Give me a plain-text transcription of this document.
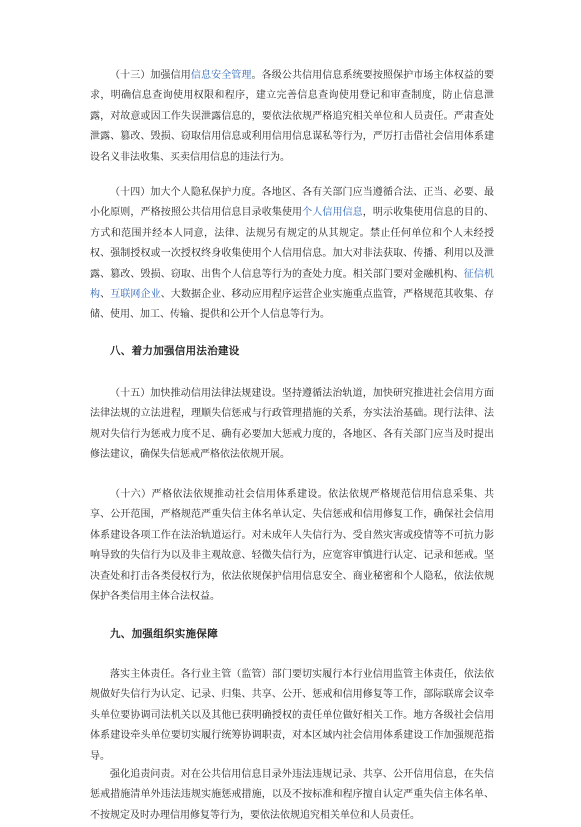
（十三）加强信用信息安全管理。各级公共信用信息系统要按照保护市场主体权益的要求，明确信息查询使用权限和程序，建立完善信息查询使用登记和审查制度，防止信息泄露，对故意或因工作失误泄露信息的，要依法依规严格追究相关单位和人员责任。严肃查处泄露、篡改、毁损、窃取信用信息或利用信用信息谋私等行为，严厉打击借社会信用体系建设名义非法收集、买卖信用信息的违法行为。

（十四）加大个人隐私保护力度。各地区、各有关部门应当遵循合法、正当、必要、最小化原则，严格按照公共信用信息目录收集使用个人信用信息，明示收集使用信息的目的、方式和范围并经本人同意，法律、法规另有规定的从其规定。禁止任何单位和个人未经授权、强制授权或一次授权终身收集使用个人信用信息。加大对非法获取、传播、利用以及泄露、篡改、毁损、窃取、出售个人信息等行为的查处力度。相关部门要对金融机构、征信机构、互联网企业、大数据企业、移动应用程序运营企业实施重点监管，严格规范其收集、存储、使用、加工、传输、提供和公开个人信息等行为。

八、着力加强信用法治建设

（十五）加快推动信用法律法规建设。坚持遵循法治轨道，加快研究推进社会信用方面法律法规的立法进程，理顺失信惩戒与行政管理措施的关系，夯实法治基础。现行法律、法规对失信行为惩戒力度不足、确有必要加大惩戒力度的，各地区、各有关部门应当及时提出修法建议，确保失信惩戒严格依法依规开展。

（十六）严格依法依规推动社会信用体系建设。依法依规严格规范信用信息采集、共享、公开范围，严格规范严重失信主体名单认定、失信惩戒和信用修复工作，确保社会信用体系建设各项工作在法治轨道运行。对未成年人失信行为、受自然灾害或疫情等不可抗力影响导致的失信行为以及非主观故意、轻微失信行为，应宽容审慎进行认定、记录和惩戒。坚决查处和打击各类侵权行为，依法依规保护信用信息安全、商业秘密和个人隐私，依法依规保护各类信用主体合法权益。

九、加强组织实施保障

落实主体责任。各行业主管（监管）部门要切实履行本行业信用监管主体责任，依法依规做好失信行为认定、记录、归集、共享、公开、惩戒和信用修复等工作，部际联席会议牵头单位要协调司法机关以及其他已获明确授权的责任单位做好相关工作。地方各级社会信用体系建设牵头单位要切实履行统筹协调职责，对本区域内社会信用体系建设工作加强规范指导。

强化追责问责。对在公共信用信息目录外违法违规记录、共享、公开信用信息，在失信惩戒措施清单外违法违规实施惩戒措施，以及不按标准和程序擅自认定严重失信主体名单、不按规定及时办理信用修复等行为，要依法依规追究相关单位和人员责任。
